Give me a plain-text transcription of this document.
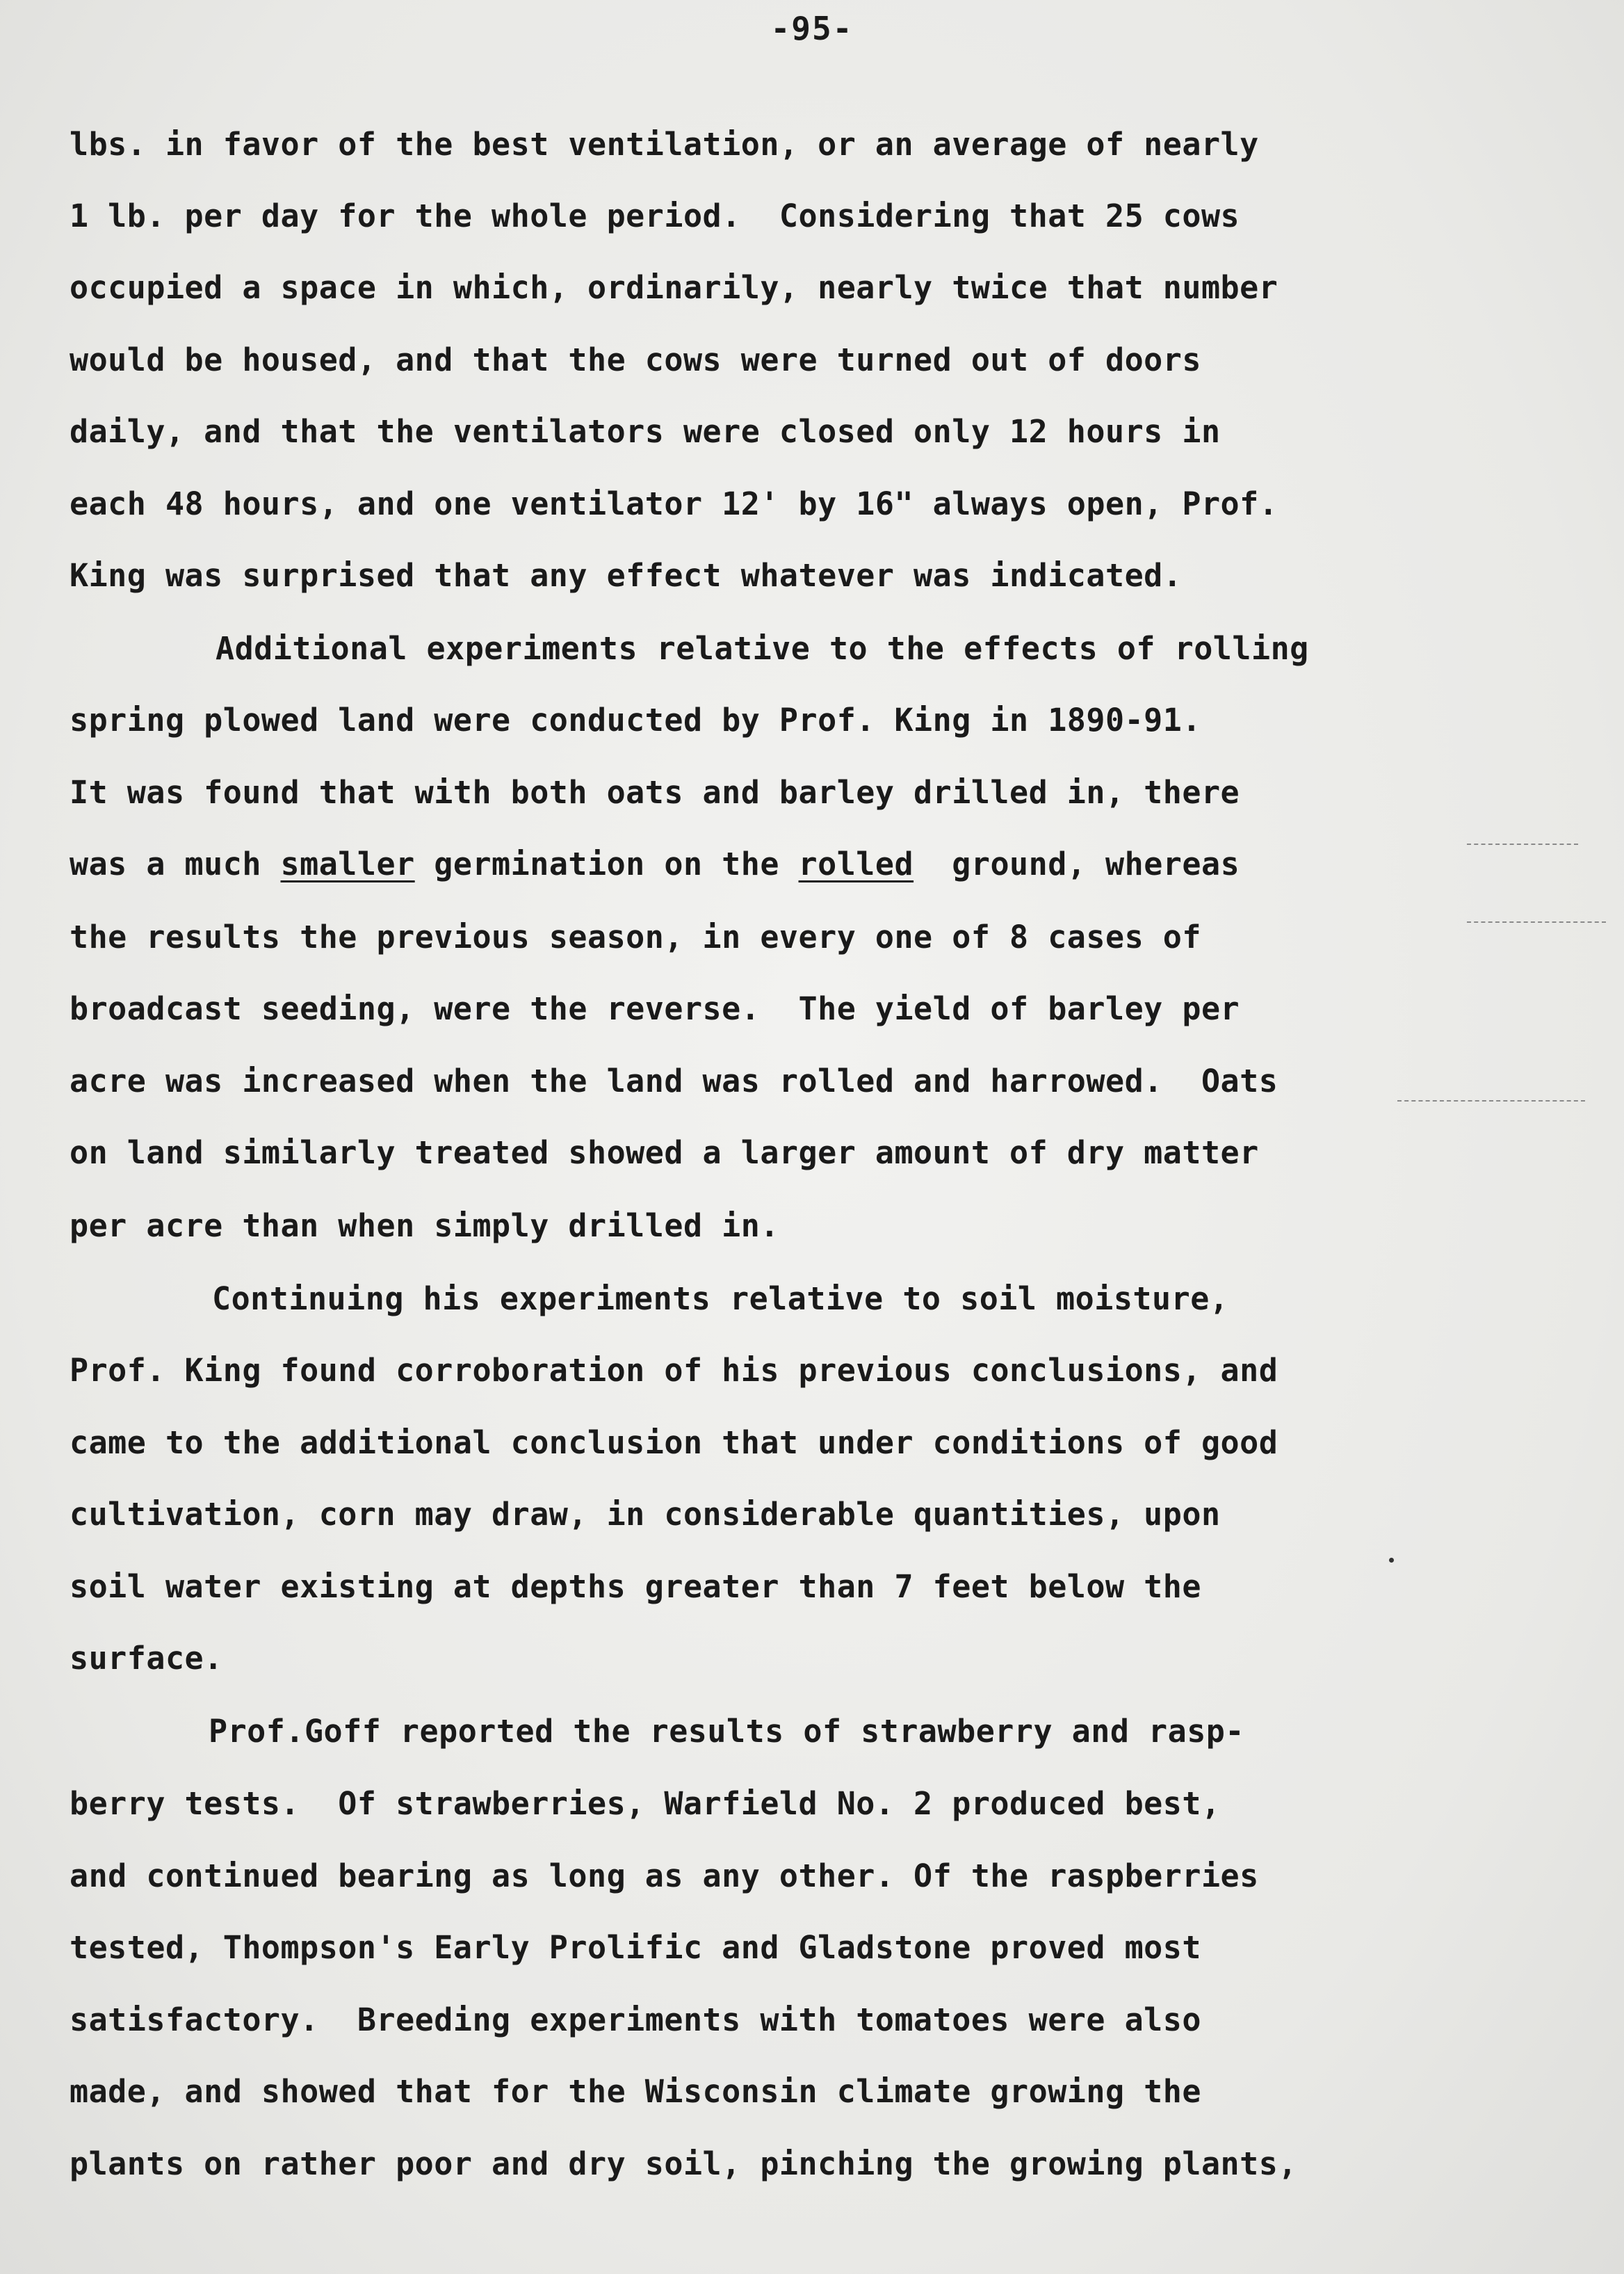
-95-
lbs. in favor of the best ventilation, or an average of nearly
1 lb. per day for the whole period.  Considering that 25 cows
occupied a space in which, ordinarily, nearly twice that number
would be housed, and that the cows were turned out of doors
daily, and that the ventilators were closed only 12 hours in
each 48 hours, and one ventilator 12' by 16" always open, Prof.
King was surprised that any effect whatever was indicated.
Additional experiments relative to the effects of rolling
spring plowed land were conducted by Prof. King in 1890-91.
It was found that with both oats and barley drilled in, there
was a much smaller germination on the rolled  ground, whereas
the results the previous season, in every one of 8 cases of
broadcast seeding, were the reverse.  The yield of barley per
acre was increased when the land was rolled and harrowed.  Oats
on land similarly treated showed a larger amount of dry matter
per acre than when simply drilled in.
Continuing his experiments relative to soil moisture,
Prof. King found corroboration of his previous conclusions, and
came to the additional conclusion that under conditions of good
cultivation, corn may draw, in considerable quantities, upon
soil water existing at depths greater than 7 feet below the
surface.
Prof.Goff reported the results of strawberry and rasp-
berry tests.  Of strawberries, Warfield No. 2 produced best,
and continued bearing as long as any other. Of the raspberries
tested, Thompson's Early Prolific and Gladstone proved most
satisfactory.  Breeding experiments with tomatoes were also
made, and showed that for the Wisconsin climate growing the
plants on rather poor and dry soil, pinching the growing plants,
